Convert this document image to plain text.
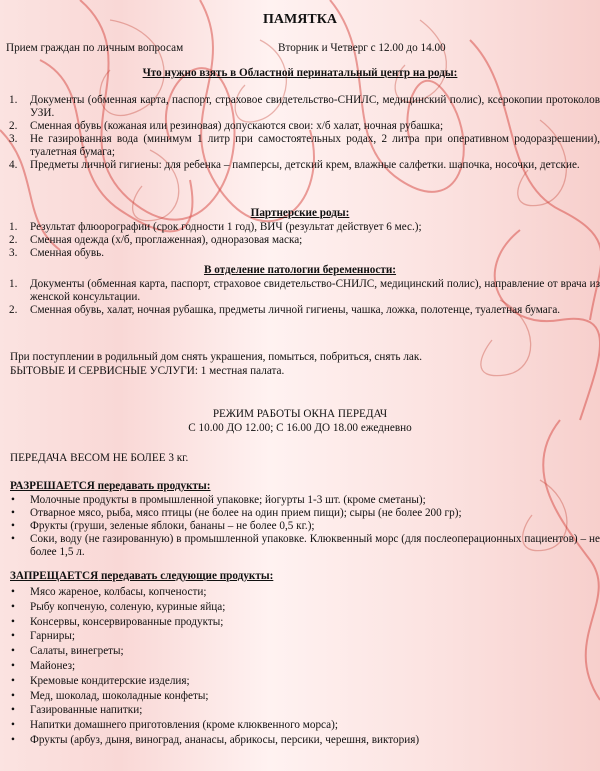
ПАМЯТКА
Прием граждан по личным вопросам	Вторник и Четверг с 12.00 до 14.00
Что нужно взять в Областной перинатальный центр на роды:
1. Документы (обменная карта, паспорт, страховое свидетельство-СНИЛС, медицинский полис), ксерокопии протоколов УЗИ.
2. Сменная обувь (кожаная или резиновая) допускаются свои: х/б халат, ночная рубашка;
3. Не газированная вода (минимум 1 литр при самостоятельных родах, 2 литра при оперативном родоразрешении), туалетная бумага;
4. Предметы личной гигиены: для ребенка – памперсы, детский крем, влажные салфетки. шапочка, носочки, детские.
Партнерские роды:
1. Результат флюорографии (срок годности 1 год), ВИЧ (результат действует 6 мес.);
2. Сменная одежда (х/б, проглаженная), одноразовая маска;
3. Сменная обувь.
В отделение патологии беременности:
1. Документы (обменная карта, паспорт, страховое свидетельство-СНИЛС, медицинский полис), направление от врача из женской консультации.
2. Сменная обувь, халат, ночная рубашка, предметы личной гигиены, чашка, ложка, полотенце, туалетная бумага.
При поступлении в родильный дом снять украшения, помыться, побриться, снять лак.
БЫТОВЫЕ И СЕРВИСНЫЕ УСЛУГИ: 1 местная палата.
РЕЖИМ РАБОТЫ ОКНА ПЕРЕДАЧ
С 10.00 ДО 12.00; С 16.00 ДО 18.00 ежедневно
ПЕРЕДАЧА ВЕСОМ НЕ БОЛЕЕ 3 кг.
РАЗРЕШАЕТСЯ передавать продукты:
• Молочные продукты в промышленной упаковке; йогурты 1-3 шт. (кроме сметаны);
• Отварное мясо, рыба, мясо птицы (не более на один прием пищи); сыры (не более 200 гр);
• Фрукты (груши, зеленые яблоки, бананы – не более 0,5 кг.);
• Соки, воду (не газированную) в промышленной упаковке. Клюквенный морс (для послеоперационных пациентов) – не более 1,5 л.
ЗАПРЕЩАЕТСЯ передавать следующие продукты:
• Мясо жареное, колбасы, копчености;
• Рыбу копченую, соленую, куриные яйца;
• Консервы, консервированные продукты;
• Гарниры;
• Салаты, винегреты;
• Майонез;
• Кремовые кондитерские изделия;
• Мед, шоколад, шоколадные конфеты;
• Газированные напитки;
• Напитки домашнего приготовления (кроме клюквенного морса);
• Фрукты (арбуз, дыня, виноград, ананасы, абрикосы, персики, черешня, виктория)
